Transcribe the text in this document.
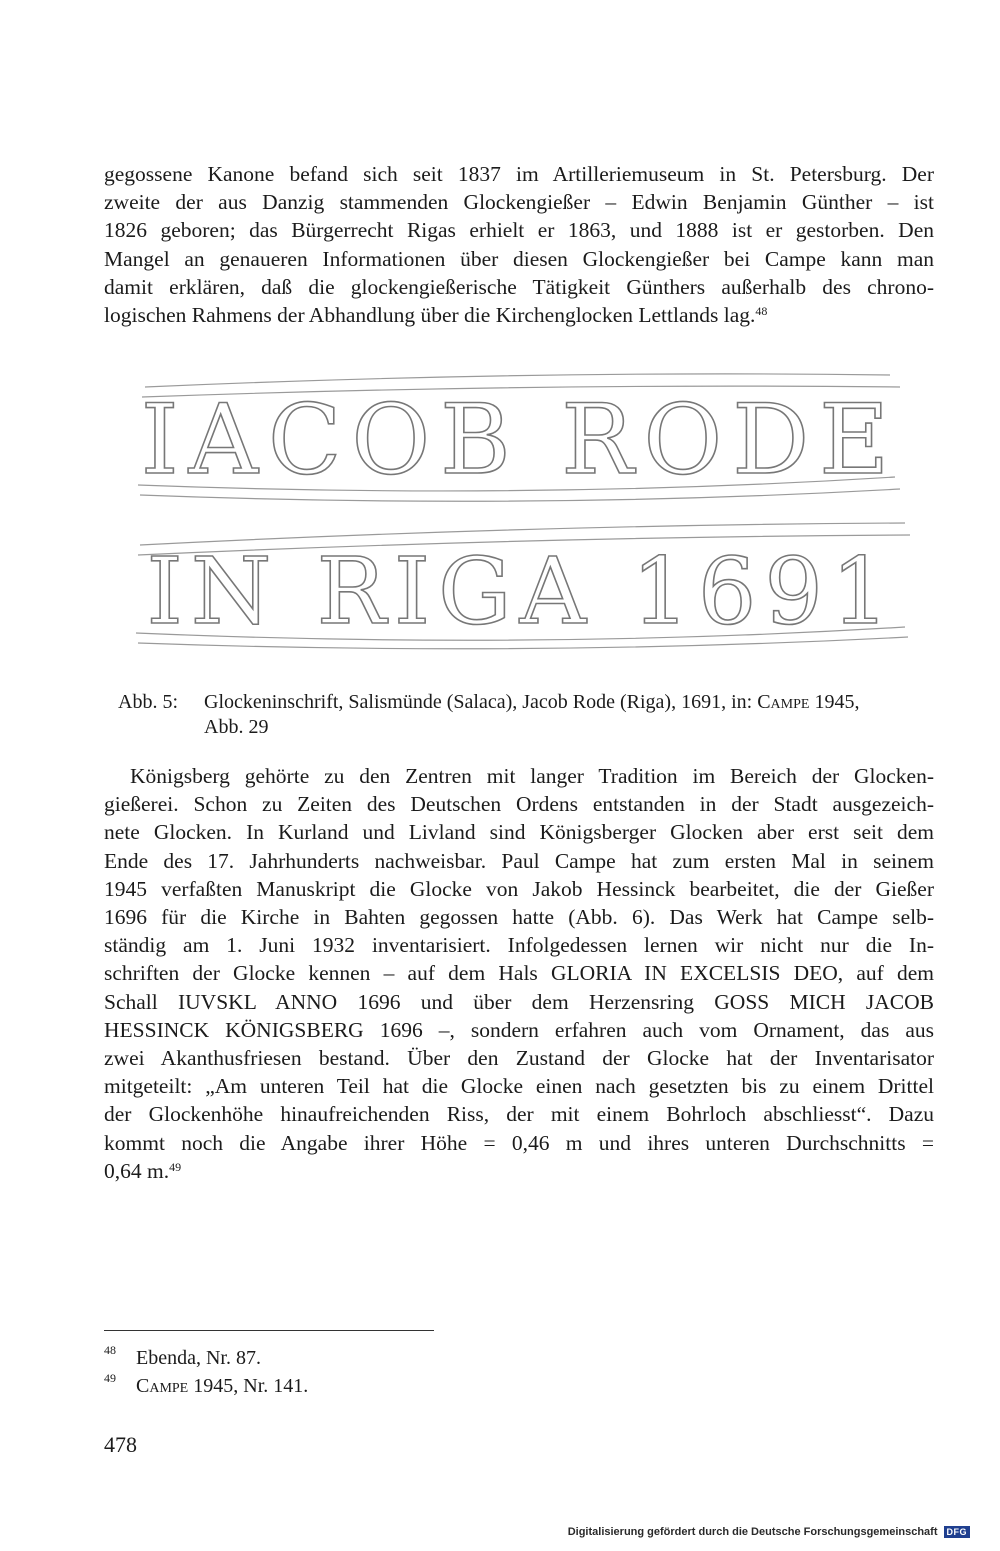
gegossene Kanone befand sich seit 1837 im Artilleriemuseum in St. Petersburg. Der
zweite der aus Danzig stammenden Glockengießer – Edwin Benjamin Günther – ist
1826 geboren; das Bürgerrecht Rigas erhielt er 1863, und 1888 ist er gestorben. Den
Mangel an genaueren Informationen über diesen Glockengießer bei Campe kann man
damit erklären, daß die glockengießerische Tätigkeit Günthers außerhalb des chrono-
logischen Rahmens der Abhandlung über die Kirchenglocken Lettlands lag.$^{48}$
IACOB RODE
IN RIGA 1691
Abb. 5: Glockeninschrift, Salismünde (Salaca), Jacob Rode (Riga), 1691, in: Campe 1945,
Abb. 29
Königsberg gehörte zu den Zentren mit langer Tradition im Bereich der Glocken-
gießerei. Schon zu Zeiten des Deutschen Ordens entstanden in der Stadt ausgezeich-
nete Glocken. In Kurland und Livland sind Königsberger Glocken aber erst seit dem
Ende des 17. Jahrhunderts nachweisbar. Paul Campe hat zum ersten Mal in seinem
1945 verfaßten Manuskript die Glocke von Jakob Hessinck bearbeitet, die der Gießer
1696 für die Kirche in Bahten gegossen hatte (Abb. 6). Das Werk hat Campe selb-
ständig am 1. Juni 1932 inventarisiert. Infolgedessen lernen wir nicht nur die In-
schriften der Glocke kennen – auf dem Hals GLORIA IN EXCELSIS DEO, auf dem
Schall IUVSKL ANNO 1696 und über dem Herzensring GOSS MICH JACOB
HESSINCK KÖNIGSBERG 1696 –, sondern erfahren auch vom Ornament, das aus
zwei Akanthusfriesen bestand. Über den Zustand der Glocke hat der Inventarisator
mitgeteilt: „Am unteren Teil hat die Glocke einen nach gesetzten bis zu einem Drittel
der Glockenhöhe hinaufreichenden Riss, der mit einem Bohrloch abschliesst“. Dazu
kommt noch die Angabe ihrer Höhe = 0,46 m und ihres unteren Durchschnitts =
0,64 m.$^{49}$
48 Ebenda, Nr. 87.
49 Campe 1945, Nr. 141.
478
Digitalisierung gefördert durch die Deutsche Forschungsgemeinschaft	DFG
